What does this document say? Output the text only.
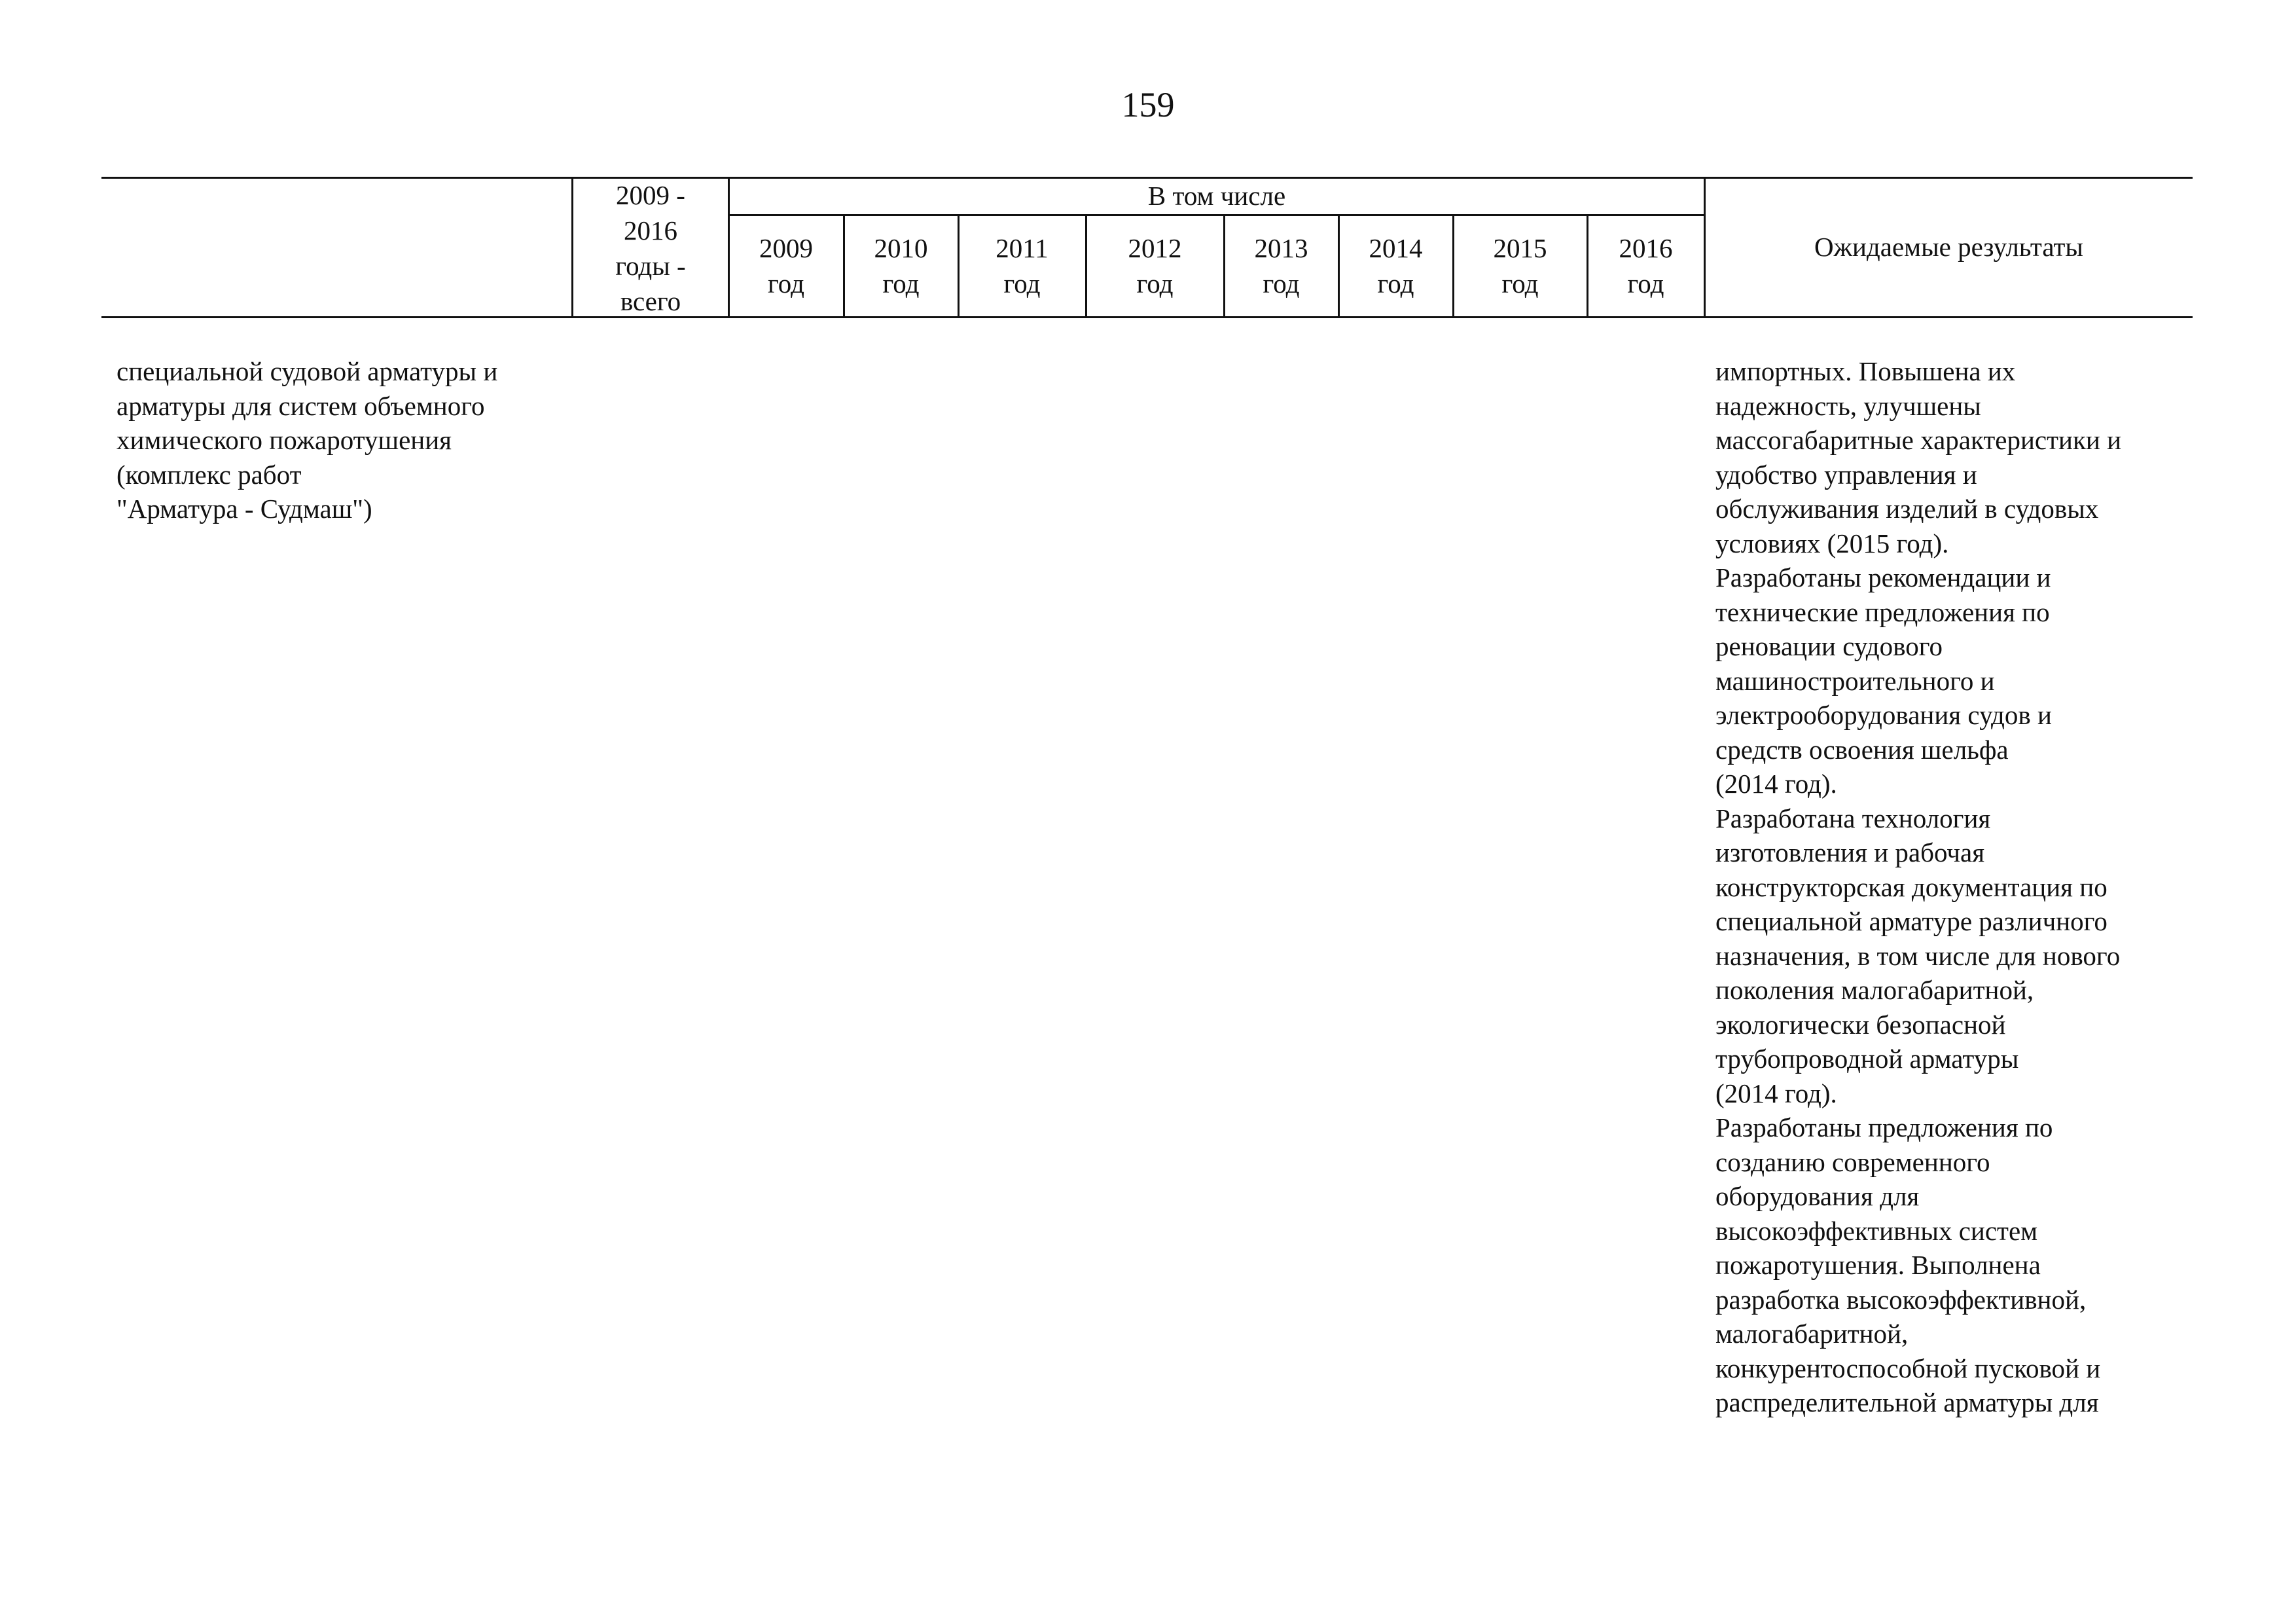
159
2009 -
2016
годы -
всего
В том числе
2009
год
2010
год
2011
год
2012
год
2013
год
2014
год
2015
год
2016
год
Ожидаемые результаты
специальной судовой арматуры и
арматуры для систем объемного
химического пожаротушения
(комплекс работ
"Арматура - Судмаш")
импортных. Повышена их
надежность, улучшены
массогабаритные характеристики и
удобство управления и
обслуживания изделий в судовых
условиях (2015 год).
Разработаны рекомендации и
технические предложения по
реновации судового
машиностроительного и
электрооборудования судов и
средств освоения шельфа
(2014 год).
Разработана технология
изготовления и рабочая
конструкторская документация по
специальной арматуре различного
назначения, в том числе для нового
поколения малогабаритной,
экологически безопасной
трубопроводной арматуры
(2014 год).
Разработаны предложения по
созданию современного
оборудования для
высокоэффективных систем
пожаротушения. Выполнена
разработка высокоэффективной,
малогабаритной,
конкурентоспособной пусковой и
распределительной арматуры для
